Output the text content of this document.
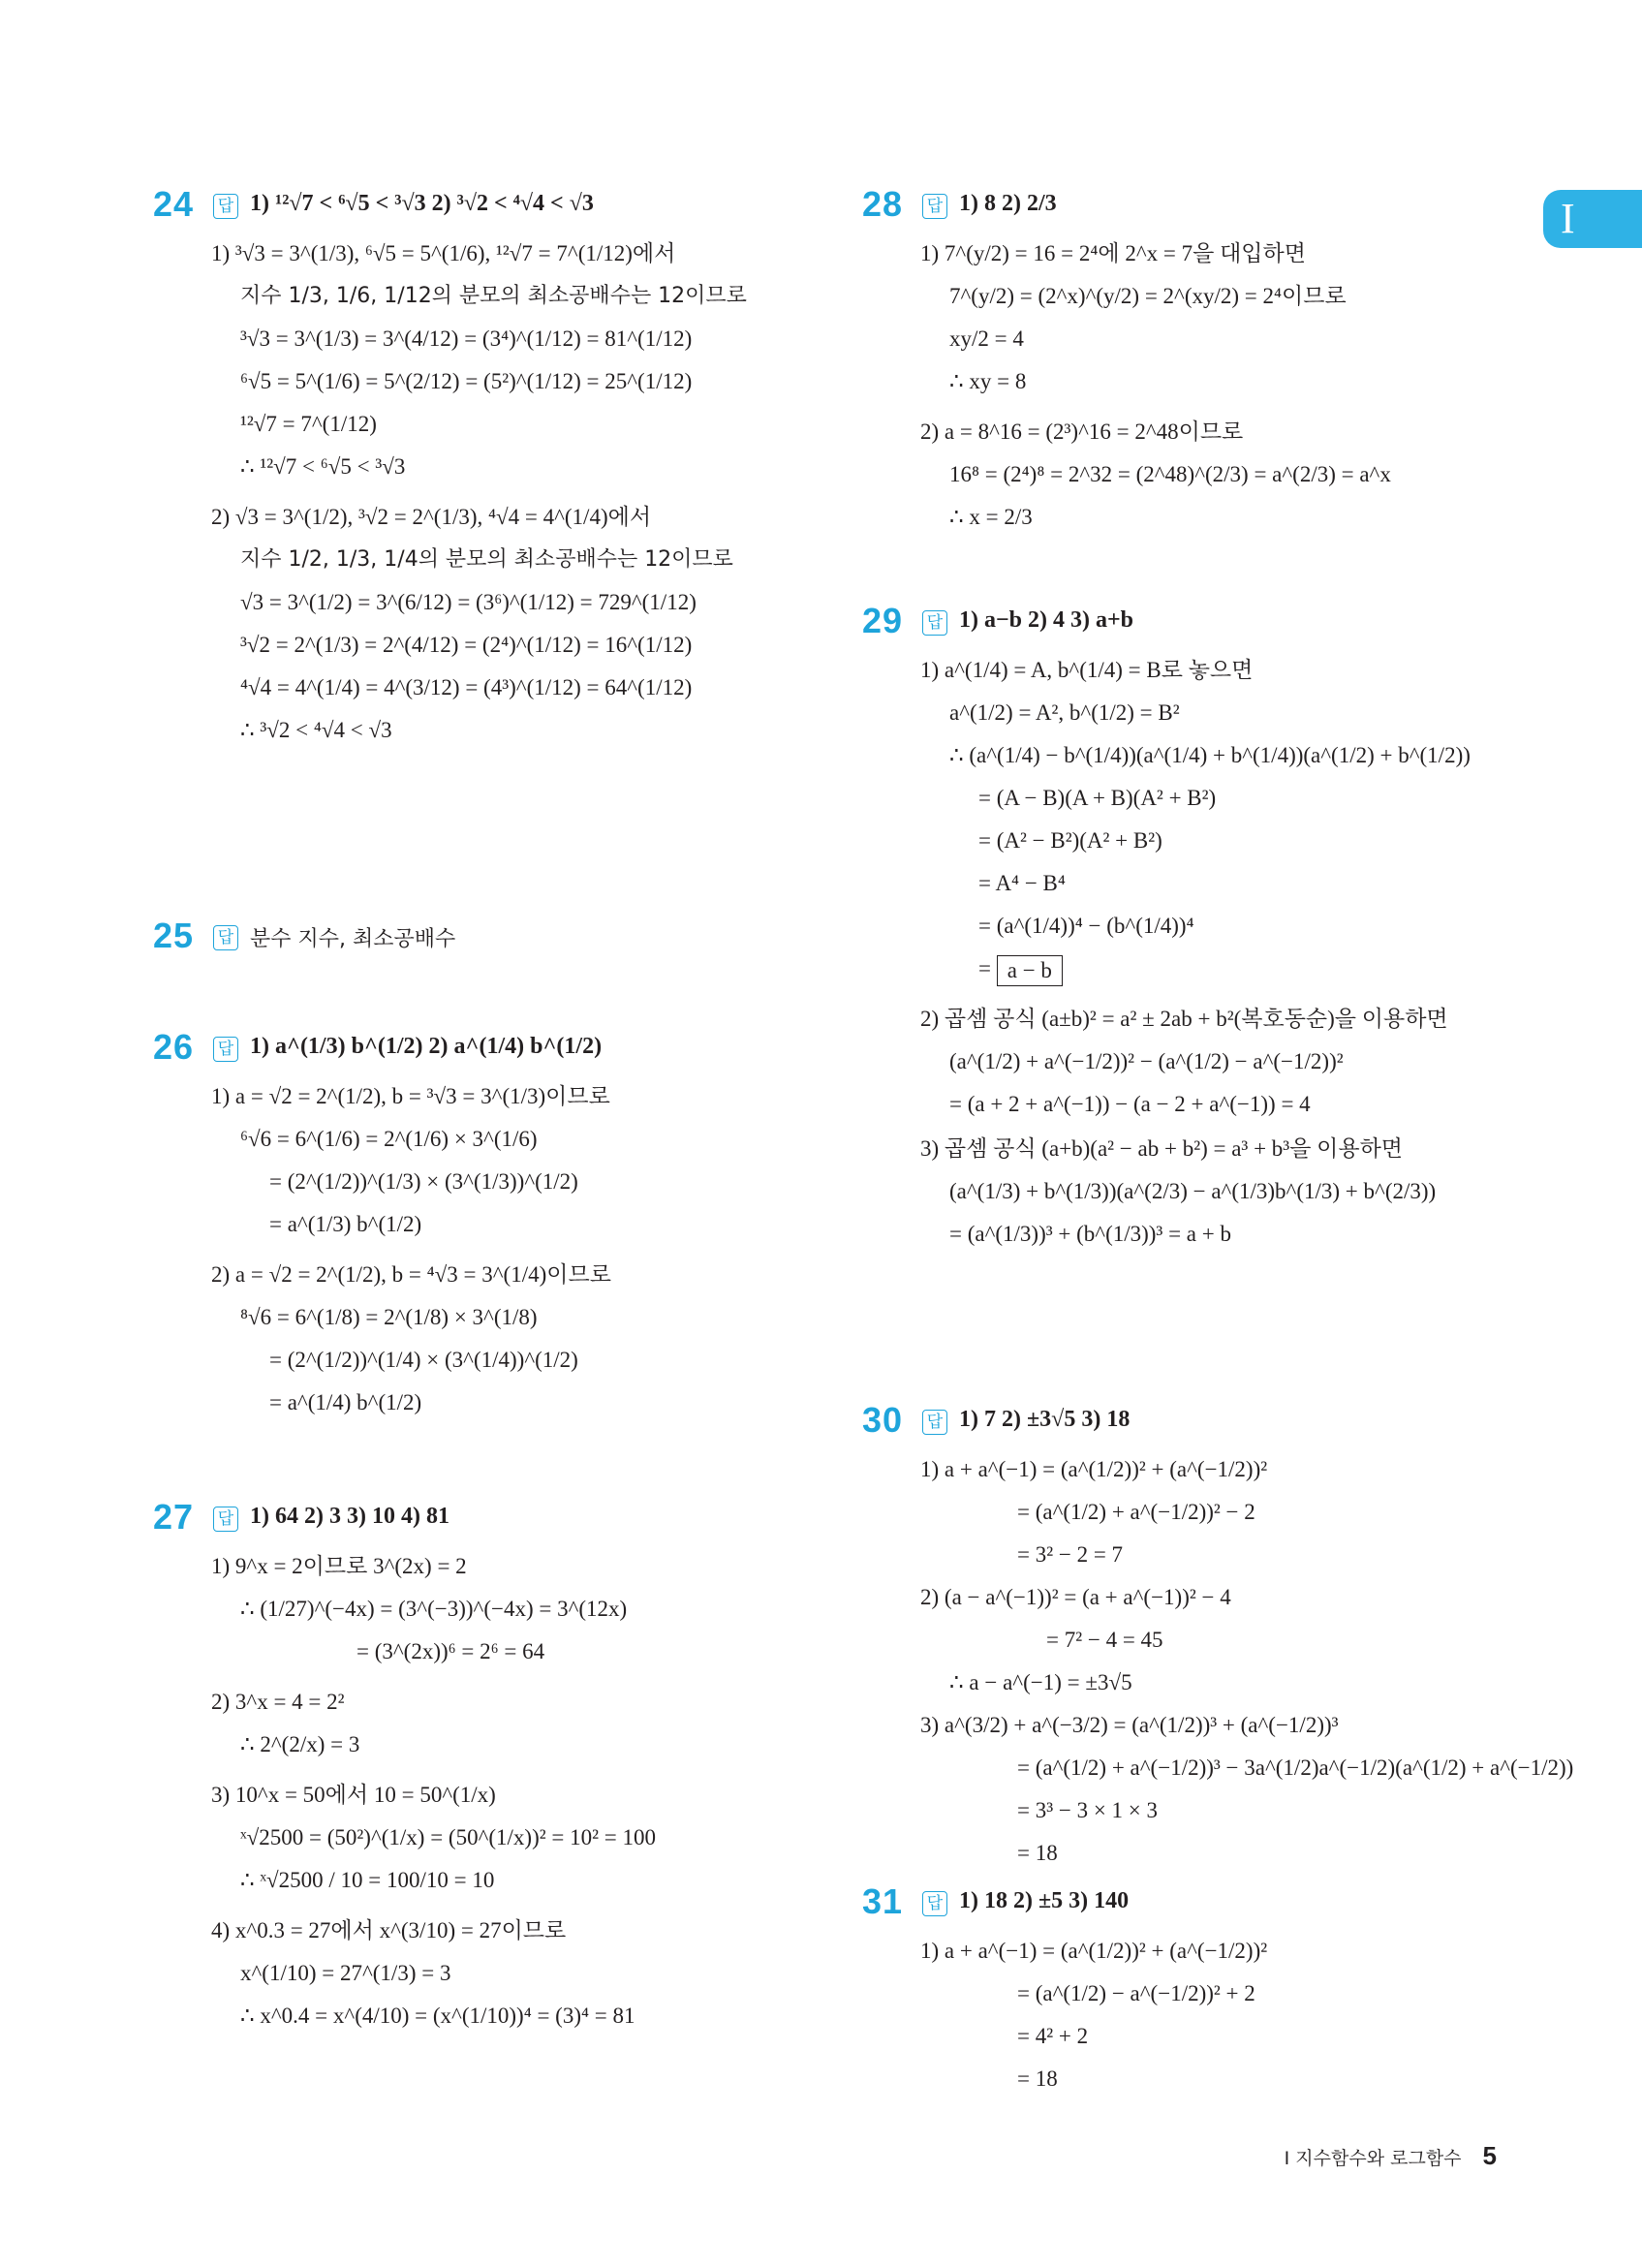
I
24 답 1) ¹²√7 < ⁶√5 < ³√3 2) ³√2 < ⁴√4 < √3
1) ³√3 = 3^(1/3), ⁶√5 = 5^(1/6), ¹²√7 = 7^(1/12)에서
지수 1/3, 1/6, 1/12의 분모의 최소공배수는 12이므로
³√3 = 3^(1/3) = 3^(4/12) = (3⁴)^(1/12) = 81^(1/12)
⁶√5 = 5^(1/6) = 5^(2/12) = (5²)^(1/12) = 25^(1/12)
¹²√7 = 7^(1/12)
∴ ¹²√7 < ⁶√5 < ³√3
2) √3 = 3^(1/2), ³√2 = 2^(1/3), ⁴√4 = 4^(1/4)에서
지수 1/2, 1/3, 1/4의 분모의 최소공배수는 12이므로
√3 = 3^(1/2) = 3^(6/12) = (3⁶)^(1/12) = 729^(1/12)
³√2 = 2^(1/3) = 2^(4/12) = (2⁴)^(1/12) = 16^(1/12)
⁴√4 = 4^(1/4) = 4^(3/12) = (4³)^(1/12) = 64^(1/12)
∴ ³√2 < ⁴√4 < √3
25 답 분수 지수, 최소공배수
26 답 1) a^(1/3) b^(1/2) 2) a^(1/4) b^(1/2)
1) a = √2 = 2^(1/2), b = ³√3 = 3^(1/3)이므로
⁶√6 = 6^(1/6) = 2^(1/6) × 3^(1/6)
= (2^(1/2))^(1/3) × (3^(1/3))^(1/2)
= a^(1/3) b^(1/2)
2) a = √2 = 2^(1/2), b = ⁴√3 = 3^(1/4)이므로
⁸√6 = 6^(1/8) = 2^(1/8) × 3^(1/8)
= (2^(1/2))^(1/4) × (3^(1/4))^(1/2)
= a^(1/4) b^(1/2)
27 답 1) 64 2) 3 3) 10 4) 81
1) 9^x = 2이므로 3^(2x) = 2
∴ (1/27)^(−4x) = (3^(−3))^(−4x) = 3^(12x)
= (3^(2x))⁶ = 2⁶ = 64
2) 3^x = 4 = 2²
∴ 2^(2/x) = 3
3) 10^x = 50에서 10 = 50^(1/x)
ˣ√2500 = (50²)^(1/x) = (50^(1/x))² = 10² = 100
∴ ˣ√2500 / 10 = 100/10 = 10
4) x^0.3 = 27에서 x^(3/10) = 27이므로
x^(1/10) = 27^(1/3) = 3
∴ x^0.4 = x^(4/10) = (x^(1/10))⁴ = (3)⁴ = 81
28 답 1) 8 2) 2/3
1) 7^(y/2) = 16 = 2⁴에 2^x = 7을 대입하면
7^(y/2) = (2^x)^(y/2) = 2^(xy/2) = 2⁴이므로
xy/2 = 4
∴ xy = 8
2) a = 8^16 = (2³)^16 = 2^48이므로
16⁸ = (2⁴)⁸ = 2^32 = (2^48)^(2/3) = a^(2/3) = a^x
∴ x = 2/3
29 답 1) a−b 2) 4 3) a+b
1) a^(1/4) = A, b^(1/4) = B로 놓으면
a^(1/2) = A², b^(1/2) = B²
∴ (a^(1/4) − b^(1/4))(a^(1/4) + b^(1/4))(a^(1/2) + b^(1/2))
= (A − B)(A + B)(A² + B²)
= (A² − B²)(A² + B²)
= A⁴ − B⁴
= (a^(1/4))⁴ − (b^(1/4))⁴
= a − b
2) 곱셈 공식 (a±b)² = a² ± 2ab + b²(복호동순)을 이용하면
(a^(1/2) + a^(−1/2))² − (a^(1/2) − a^(−1/2))²
= (a + 2 + a^(−1)) − (a − 2 + a^(−1)) = 4
3) 곱셈 공식 (a+b)(a² − ab + b²) = a³ + b³을 이용하면
(a^(1/3) + b^(1/3))(a^(2/3) − a^(1/3)b^(1/3) + b^(2/3))
= (a^(1/3))³ + (b^(1/3))³ = a + b
30 답 1) 7 2) ±3√5 3) 18
1) a + a^(−1) = (a^(1/2))² + (a^(−1/2))²
= (a^(1/2) + a^(−1/2))² − 2
= 3² − 2 = 7
2) (a − a^(−1))² = (a + a^(−1))² − 4
= 7² − 4 = 45
∴ a − a^(−1) = ±3√5
3) a^(3/2) + a^(−3/2) = (a^(1/2))³ + (a^(−1/2))³
= (a^(1/2) + a^(−1/2))³ − 3a^(1/2)a^(−1/2)(a^(1/2) + a^(−1/2))
= 3³ − 3 × 1 × 3
= 18
31 답 1) 18 2) ±5 3) 140
1) a + a^(−1) = (a^(1/2))² + (a^(−1/2))²
= (a^(1/2) − a^(−1/2))² + 2
= 4² + 2
= 18
I 지수함수와 로그함수 5
